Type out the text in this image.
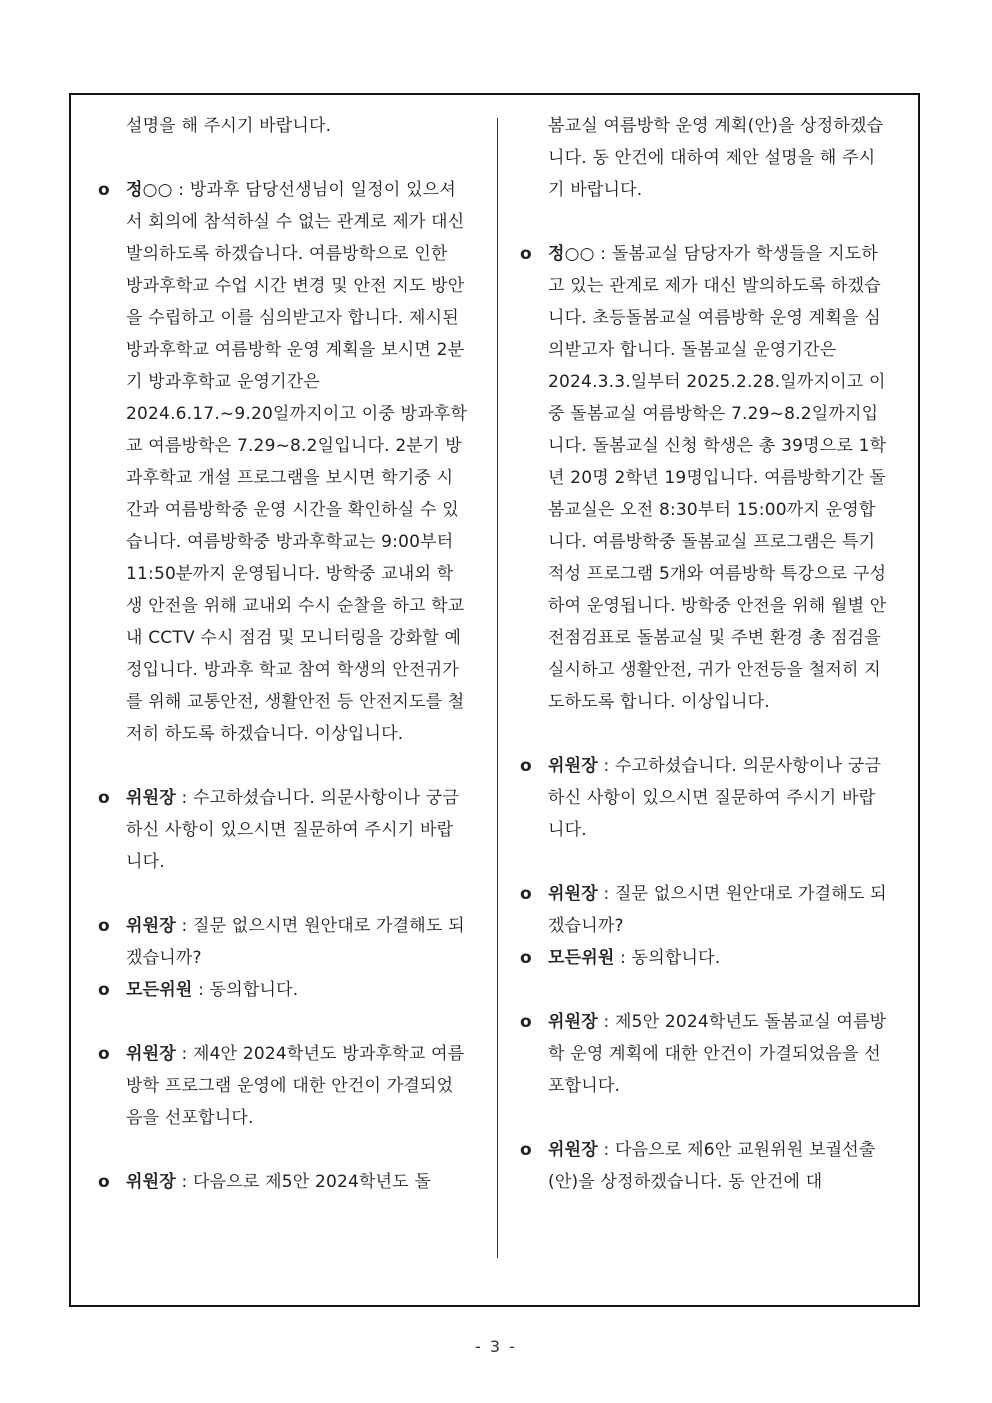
설명을 해 주시기 바랍니다.
o 정○○ : 방과후 담당선생님이 일정이 있으셔서 회의에 참석하실 수 없는 관계로 제가 대신 발의하도록 하겠습니다. 여름방학으로 인한 방과후학교 수업 시간 변경 및 안전 지도 방안을 수립하고 이를 심의받고자 합니다. 제시된 방과후학교 여름방학 운영 계획을 보시면 2분기 방과후학교 운영기간은 2024.6.17.~9.20일까지이고 이중 방과후학교 여름방학은 7.29~8.2일입니다. 2분기 방과후학교 개설 프로그램을 보시면 학기중 시간과 여름방학중 운영 시간을 확인하실 수 있습니다. 여름방학중 방과후학교는 9:00부터 11:50분까지 운영됩니다. 방학중 교내외 학생 안전을 위해 교내외 수시 순찰을 하고 학교내 CCTV 수시 점검 및 모니터링을 강화할 예정입니다. 방과후 학교 참여 학생의 안전귀가를 위해 교통안전, 생활안전 등 안전지도를 철저히 하도록 하겠습니다. 이상입니다.
o 위원장 : 수고하셨습니다. 의문사항이나 궁금하신 사항이 있으시면 질문하여 주시기 바랍니다.
o 위원장 : 질문 없으시면 원안대로 가결해도 되겠습니까?
o 모든위원 : 동의합니다.
o 위원장 : 제4안 2024학년도 방과후학교 여름방학 프로그램 운영에 대한 안건이 가결되었음을 선포합니다.
o 위원장 : 다음으로 제5안 2024학년도 돌
봄교실 여름방학 운영 계획(안)을 상정하겠습니다. 동 안건에 대하여 제안 설명을 해 주시기 바랍니다.
o 정○○ : 돌봄교실 담당자가 학생들을 지도하고 있는 관계로 제가 대신 발의하도록 하겠습니다. 초등돌봄교실 여름방학 운영 계획을 심의받고자 합니다. 돌봄교실 운영기간은 2024.3.3.일부터 2025.2.28.일까지이고 이중 돌봄교실 여름방학은 7.29~8.2일까지입니다. 돌봄교실 신청 학생은 총 39명으로 1학년 20명 2학년 19명입니다. 여름방학기간 돌봄교실은 오전 8:30부터 15:00까지 운영합니다. 여름방학중 돌봄교실 프로그램은 특기적성 프로그램 5개와 여름방학 특강으로 구성하여 운영됩니다. 방학중 안전을 위해 월별 안전점검표로 돌봄교실 및 주변 환경 총 점검을 실시하고 생활안전, 귀가 안전등을 철저히 지도하도록 합니다. 이상입니다.
o 위원장 : 수고하셨습니다. 의문사항이나 궁금하신 사항이 있으시면 질문하여 주시기 바랍니다.
o 위원장 : 질문 없으시면 원안대로 가결해도 되겠습니까?
o 모든위원 : 동의합니다.
o 위원장 : 제5안 2024학년도 돌봄교실 여름방학 운영 계획에 대한 안건이 가결되었음을 선포합니다.
o 위원장 : 다음으로 제6안 교원위원 보궐선출(안)을 상정하겠습니다. 동 안건에 대
- 3 -
